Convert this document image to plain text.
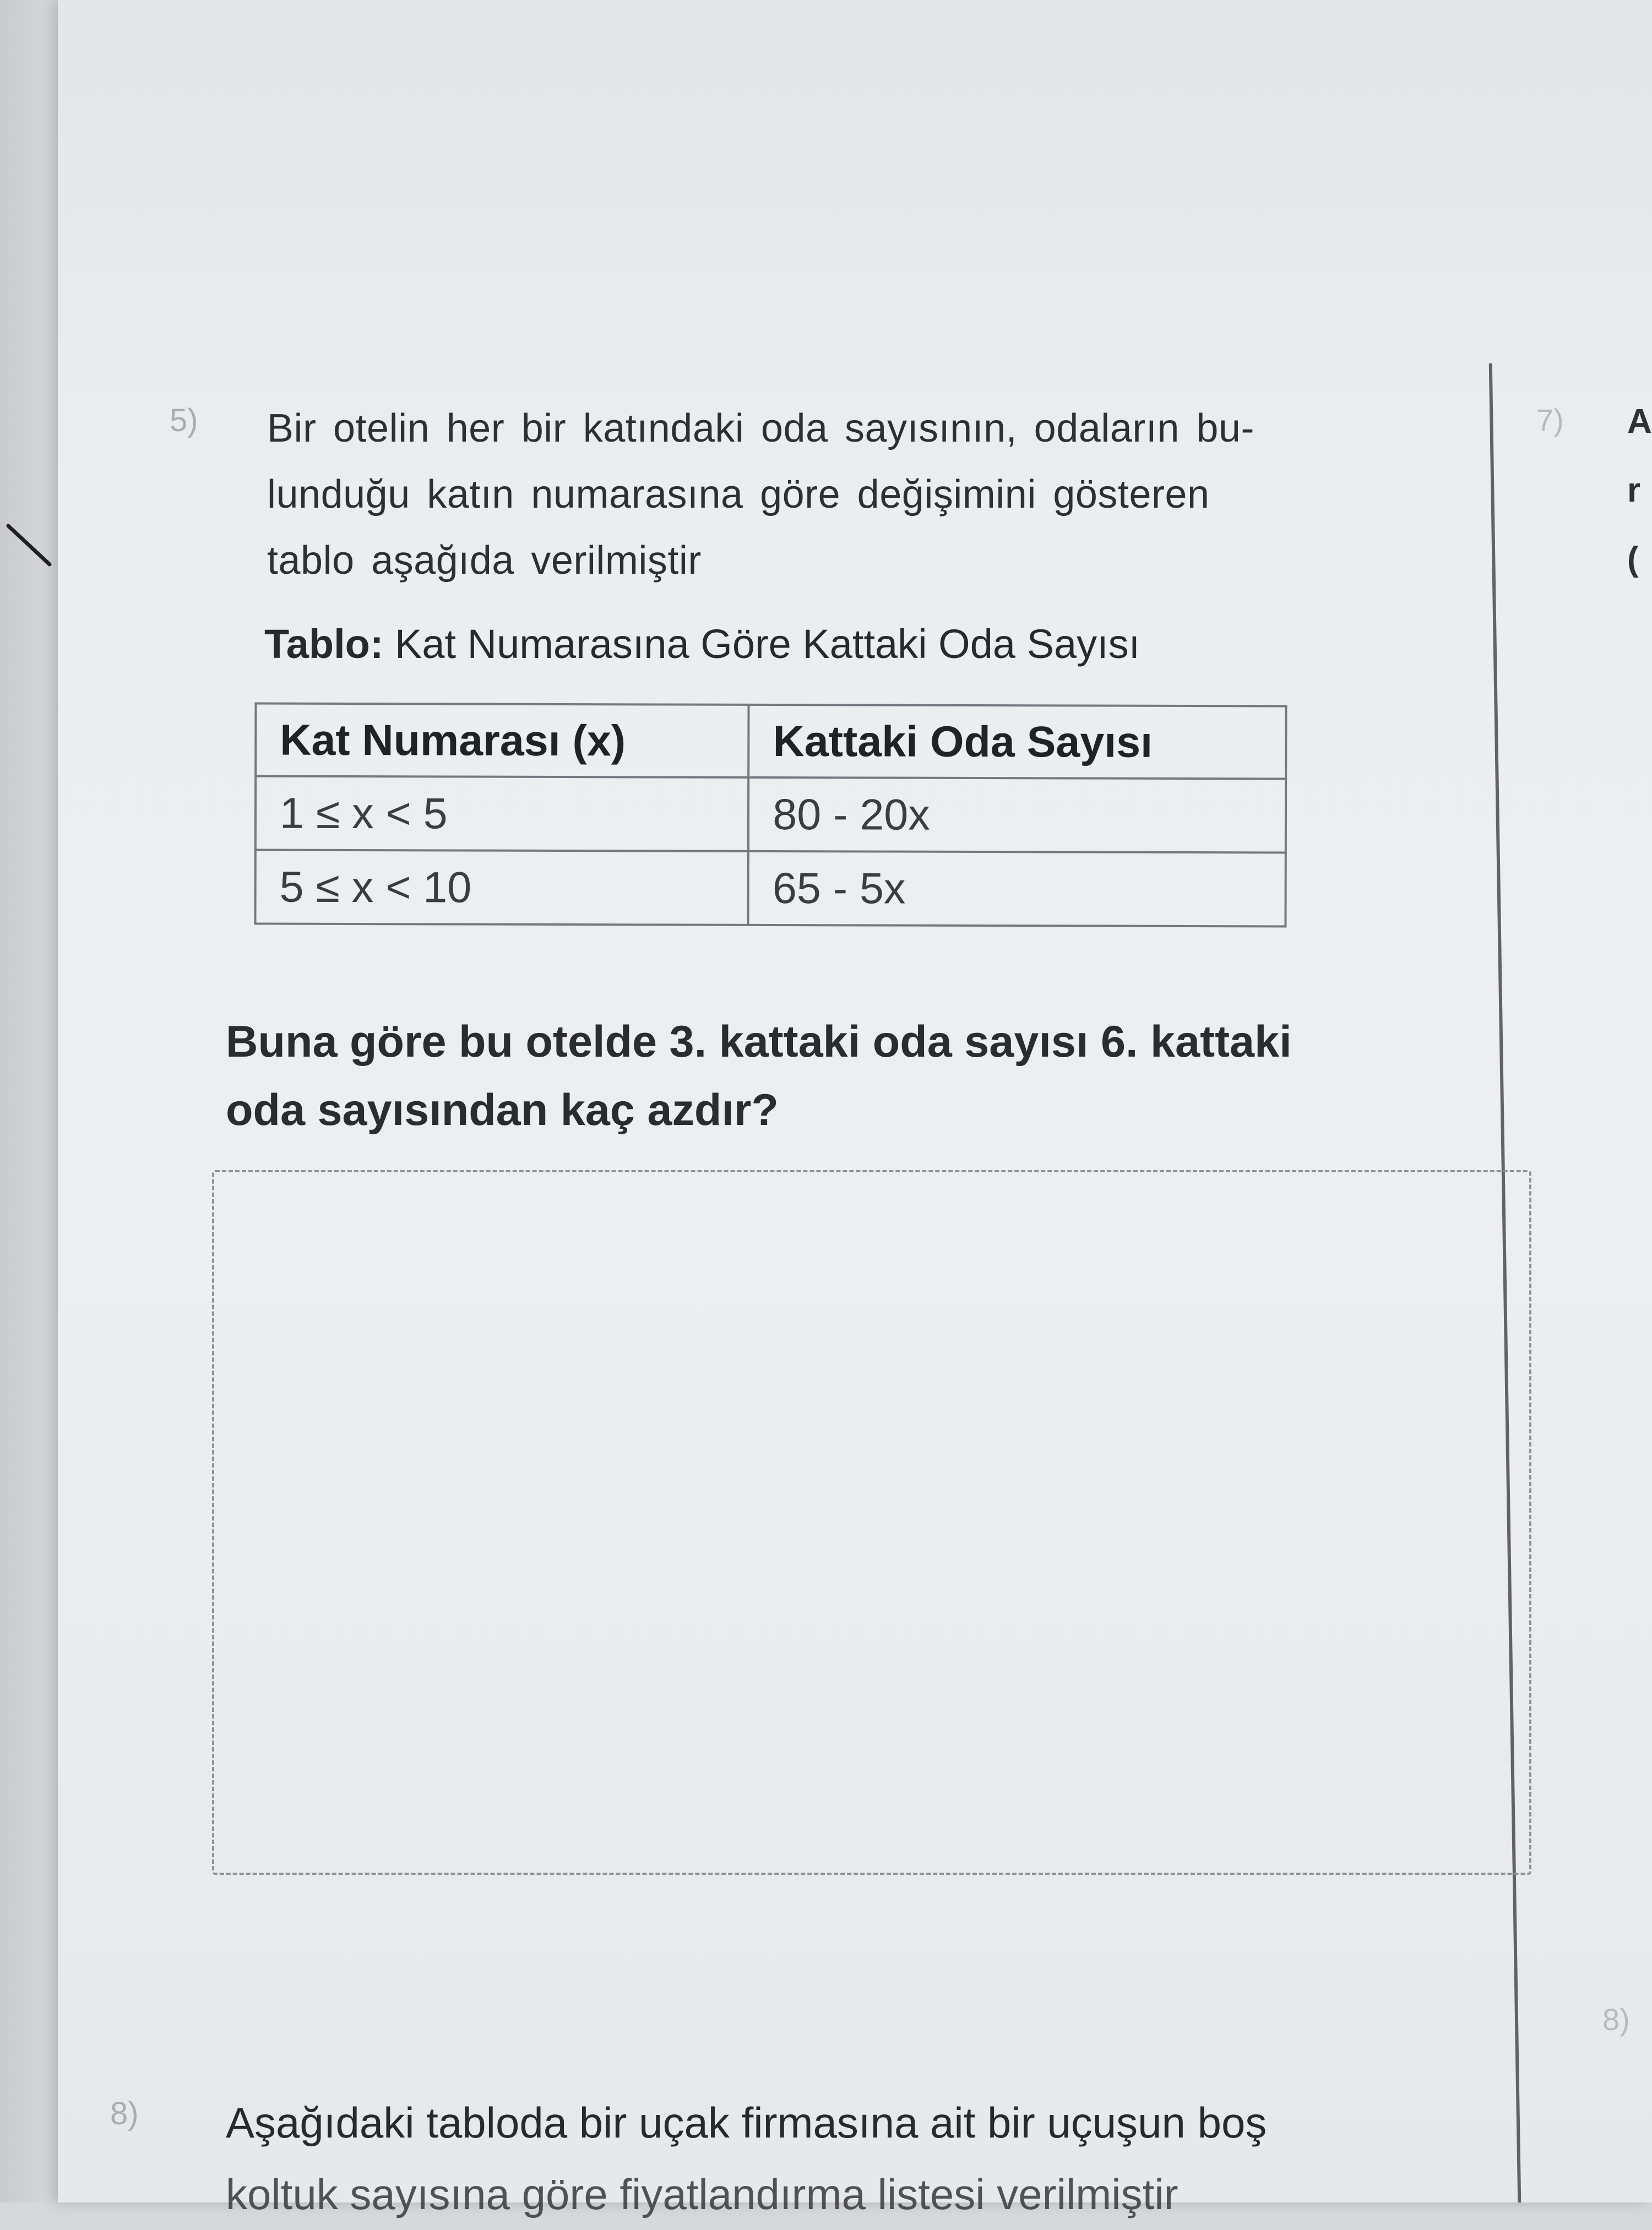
7)
8)
A
r
(
5) Bir otelin her bir katındaki oda sayısının, odaların bu-
lunduğu katın numarasına göre değişimini gösteren
tablo aşağıda verilmiştir
Tablo: Kat Numarasına Göre Kattaki Oda Sayısı
Kat Numarası (x)	Kattaki Oda Sayısı
1 ≤ x < 5	80 - 20x
5 ≤ x < 10	65 - 5x
Buna göre bu otelde 3. kattaki oda sayısı 6. kattaki
oda sayısından kaç azdır?
8) Aşağıdaki tabloda bir uçak firmasına ait bir uçuşun boş
koltuk sayısına göre fiyatlandırma listesi verilmiştir
